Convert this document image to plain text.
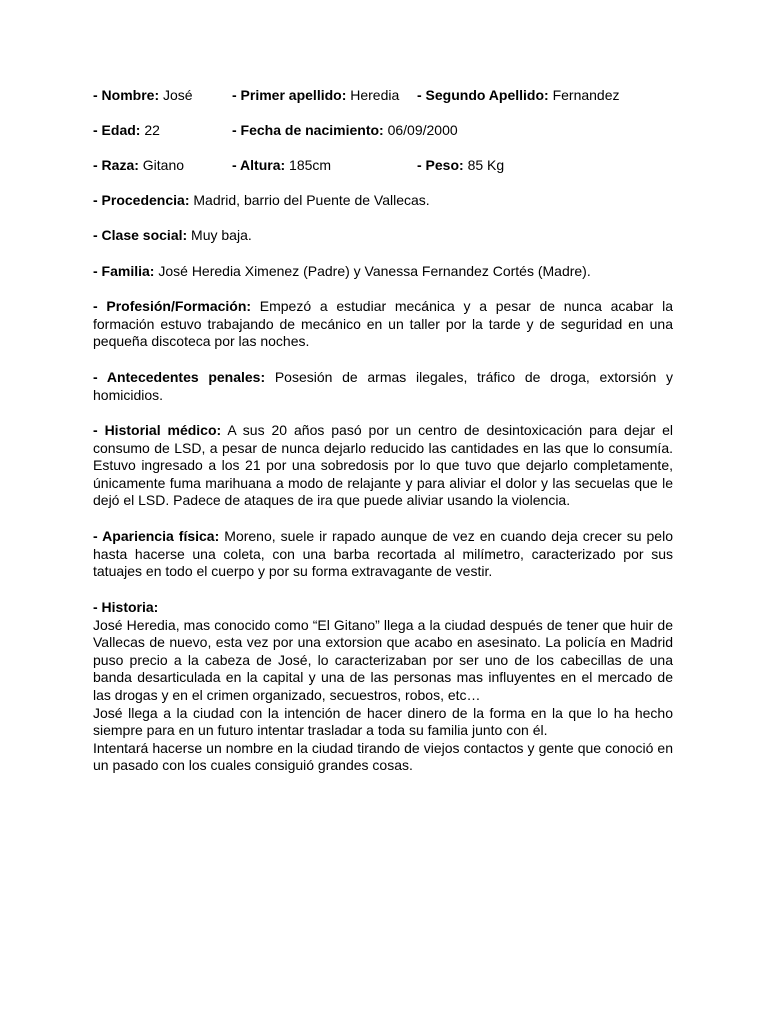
- Nombre: José	- Primer apellido: Heredia - Segundo Apellido: Fernandez
- Edad: 22	- Fecha de nacimiento: 06/09/2000
- Raza: Gitano	- Altura: 185cm	- Peso: 85 Kg
- Procedencia: Madrid, barrio del Puente de Vallecas.
- Clase social: Muy baja.
- Familia: José Heredia Ximenez (Padre) y Vanessa Fernandez Cortés (Madre).

- Profesión/Formación: Empezó a estudiar mecánica y a pesar de nunca acabar la formación estuvo trabajando de mecánico en un taller por la tarde y de seguridad en una pequeña discoteca por las noches.

- Antecedentes penales: Posesión de armas ilegales, tráfico de droga, extorsión y homicidios.

- Historial médico: A sus 20 años pasó por un centro de desintoxicación para dejar el consumo de LSD, a pesar de nunca dejarlo reducido las cantidades en las que lo consumía. Estuvo ingresado a los 21 por una sobredosis por lo que tuvo que dejarlo completamente, únicamente fuma marihuana a modo de relajante y para aliviar el dolor y las secuelas que le dejó el LSD. Padece de ataques de ira que puede aliviar usando la violencia.

- Apariencia física: Moreno, suele ir rapado aunque de vez en cuando deja crecer su pelo hasta hacerse una coleta, con una barba recortada al milímetro, caracterizado por sus tatuajes en todo el cuerpo y por su forma extravagante de vestir.

- Historia:

José Heredia, mas conocido como “El Gitano” llega a la ciudad después de tener que huir de Vallecas de nuevo, esta vez por una extorsion que acabo en asesinato. La policía en Madrid puso precio a la cabeza de José, lo caracterizaban por ser uno de los cabecillas de una banda desarticulada en la capital y una de las personas mas influyentes en el mercado de las drogas y en el crimen organizado, secuestros, robos, etc…

José llega a la ciudad con la intención de hacer dinero de la forma en la que lo ha hecho siempre para en un futuro intentar trasladar a toda su familia junto con él.

Intentará hacerse un nombre en la ciudad tirando de viejos contactos y gente que conoció en un pasado con los cuales consiguió grandes cosas.
